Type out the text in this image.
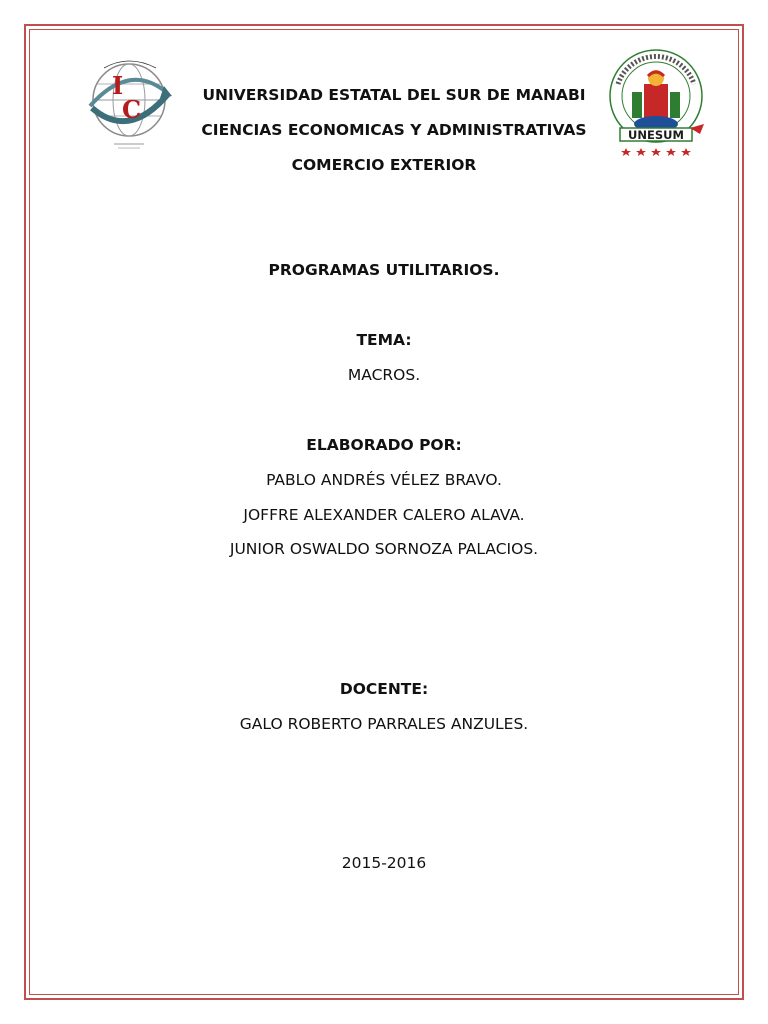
I
C
UNESUM
UNIVERSIDAD ESTATAL DEL SUR DE MANABI
CIENCIAS ECONOMICAS Y ADMINISTRATIVAS
COMERCIO EXTERIOR
PROGRAMAS UTILITARIOS.
TEMA:
MACROS.
ELABORADO POR:
PABLO ANDRÉS VÉLEZ BRAVO.
JOFFRE ALEXANDER CALERO ALAVA.
JUNIOR OSWALDO SORNOZA PALACIOS.
DOCENTE:
GALO ROBERTO PARRALES ANZULES.
2015-2016
